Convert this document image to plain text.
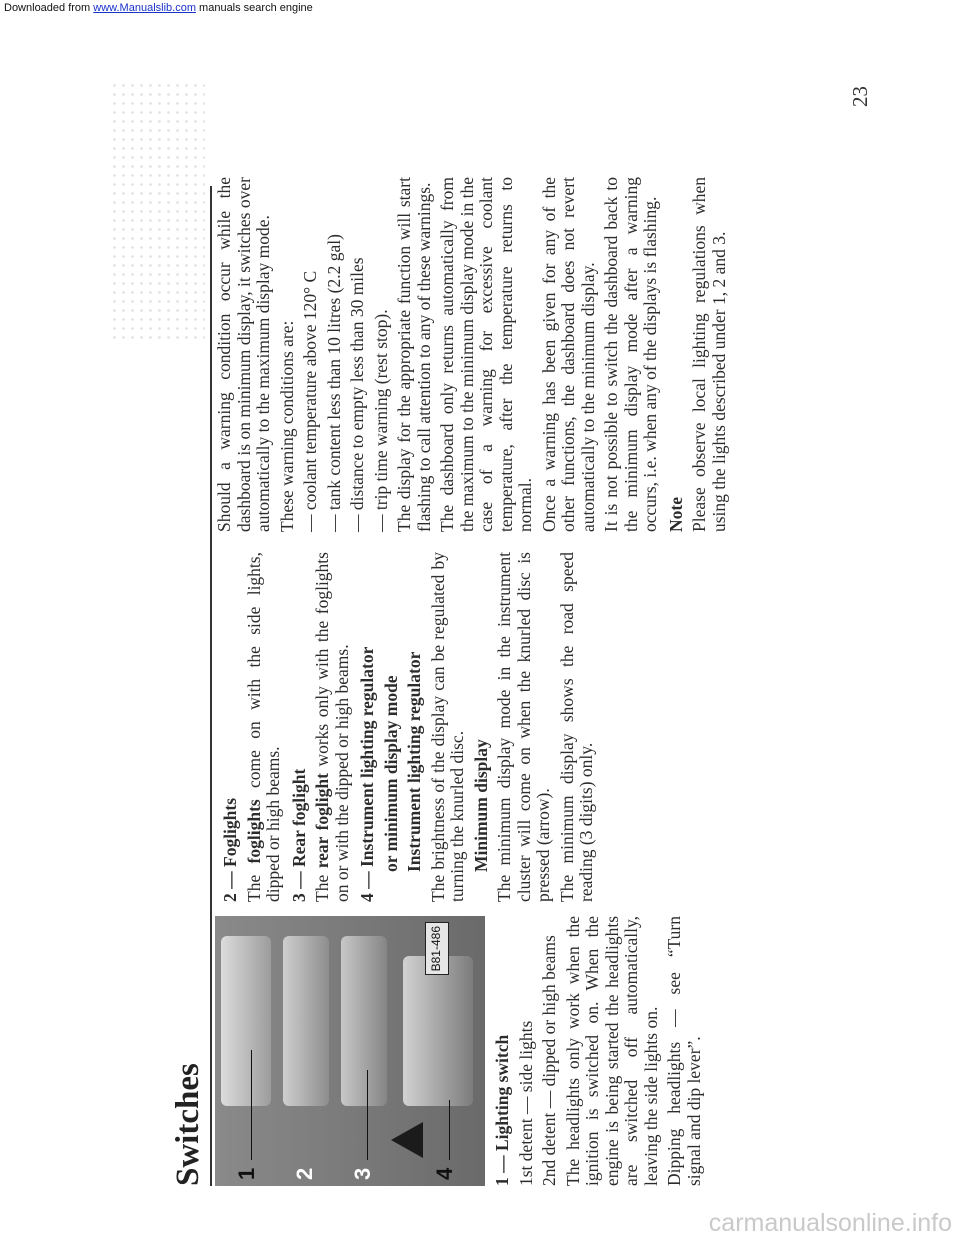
Downloaded from www.Manualslib.com manuals search engine
Switches
23
1 2 3	4
B81-486
1 — Lighting switch 1st detent — side lights 2nd detent — dipped or high beams The headlights only work when the ignition is switched on. When the engine is being started the headlights are switched off automatically, leaving the side lights on. Dipping headlights — see “Turn signal and dip lever”.

2 — Foglights The foglights come on with the side lights, dipped or high beams. 3 — Rear foglight The rear foglight works only with the foglights on or with the dipped or high beams. 4 — Instrument lighting regulator or minimum display mode Instrument lighting regulator The brightness of the display can be regulated by turning the knurled disc. Minimum display The minimum display mode in the instrument cluster will come on when the knurled disc is pressed (arrow). The minimum display shows the road speed reading (3 digits) only.

Should a warning condition occur while the dashboard is on minimum display, it switches over automatically to the maximum display mode. These warning conditions are: — coolant temperature above 120° C — tank content less than 10 litres (2.2 gal) — distance to empty less than 30 miles — trip time warning (rest stop). The display for the appropriate function will start flashing to call attention to any of these warnings. The dashboard only returns automatically from the maximum to the minimum display mode in the case of a warning for excessive coolant temperature, after the temperature returns to normal. Once a warning has been given for any of the other functions, the dashboard does not revert automatically to the minimum display. It is not possible to switch the dashboard back to the minimum display mode after a warning occurs, i.e. when any of the displays is flashing. Note Please observe local lighting regulations when using the lights described under 1, 2 and 3.

carmanualsonline.info
